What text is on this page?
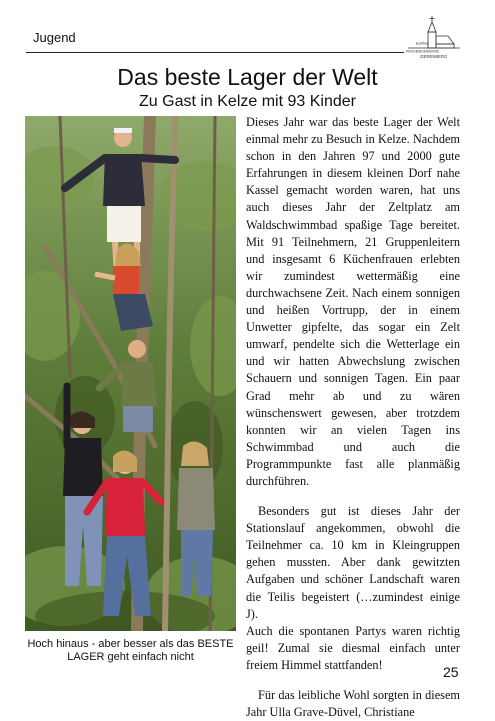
Jugend	KATH.
KIRCHENGEMEINDE
ZIERENBERG
Das beste Lager der Welt
Zu Gast in Kelze mit 93 Kinder
Hoch hinaus - aber besser als das BESTE LAGER geht einfach nicht

Dieses Jahr war das beste Lager der Welt einmal mehr zu Besuch in Kelze. Nachdem schon in den Jahren 97 und 2000 gute Erfahrungen in diesem kleinen Dorf nahe Kassel gemacht worden waren, hat uns auch dieses Jahr der Zeltplatz am Waldschwimmbad spaßige Tage bereitet. Mit 91 Teilnehmern, 21 Gruppenleitern und insgesamt 6 Küchenfrauen erlebten wir zumindest wettermäßig eine durchwachsene Zeit. Nach einem sonnigen und heißen Vortrupp, der in einem Unwetter gipfelte, das sogar ein Zelt umwarf, pendelte sich die Wetterlage ein und wir hatten Abwechslung zwischen Schauern und sonnigen Tagen. Ein paar Grad mehr ab und zu wären wünschenswert gewesen, aber trotzdem konnten wir an vielen Tagen ins Schwimmbad und auch die Programmpunkte fast alle planmäßig durchführen.

Besonders gut ist dieses Jahr der Stationslauf angekommen, obwohl die Teilnehmer ca. 10 km in Kleingruppen gehen mussten. Aber dank gewitzten Aufgaben und schöner Landschaft waren die Teilis begeistert (…zumindest einige J).

Auch die spontanen Partys waren richtig geil! Zumal sie diesmal einfach unter freiem Himmel stattfanden!

Für das leibliche Wohl sorgten in diesem Jahr Ulla Grave-Düvel, Christiane

25
